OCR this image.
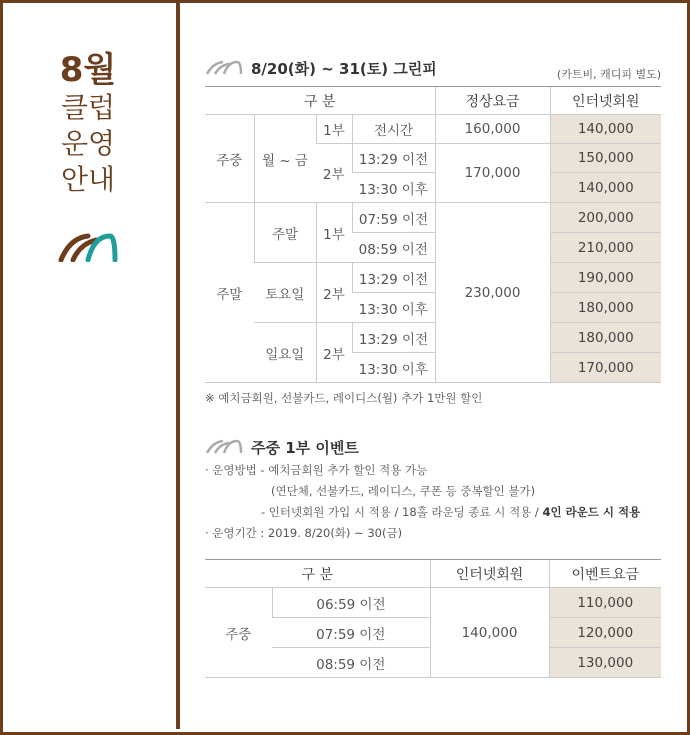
8월
클럽
운영
안내
8/20(화) ~ 31(토) 그린피	(카트비, 캐디피 별도)
구 분				정상요금	인터넷회원
주중	월 ~ 금	1부	전시간	160,000	140,000
		2부	13:29 이전	170,000	150,000
			13:30 이후		140,000
주말	주말	1부	07:59 이전	230,000	200,000
			08:59 이전		210,000
	토요일	2부	13:29 이전		190,000
			13:30 이후		180,000
	일요일	2부	13:29 이전		180,000
			13:30 이후		170,000
※ 예치금회원, 선불카드, 레이디스(월) 추가 1만원 할인
주중 1부 이벤트
· 운영방법 - 예치금회원 추가 할인 적용 가능
(연단체, 선불카드, 레이디스, 쿠폰 등 중복할인 불가)
- 인터넷회원 가입 시 적용 / 18홀 라운딩 종료 시 적용 / 4인 라운드 시 적용
· 운영기간 : 2019. 8/20(화) ~ 30(금)
구 분		인터넷회원	이벤트요금
주중	06:59 이전	140,000	110,000
	07:59 이전		120,000
	08:59 이전		130,000
